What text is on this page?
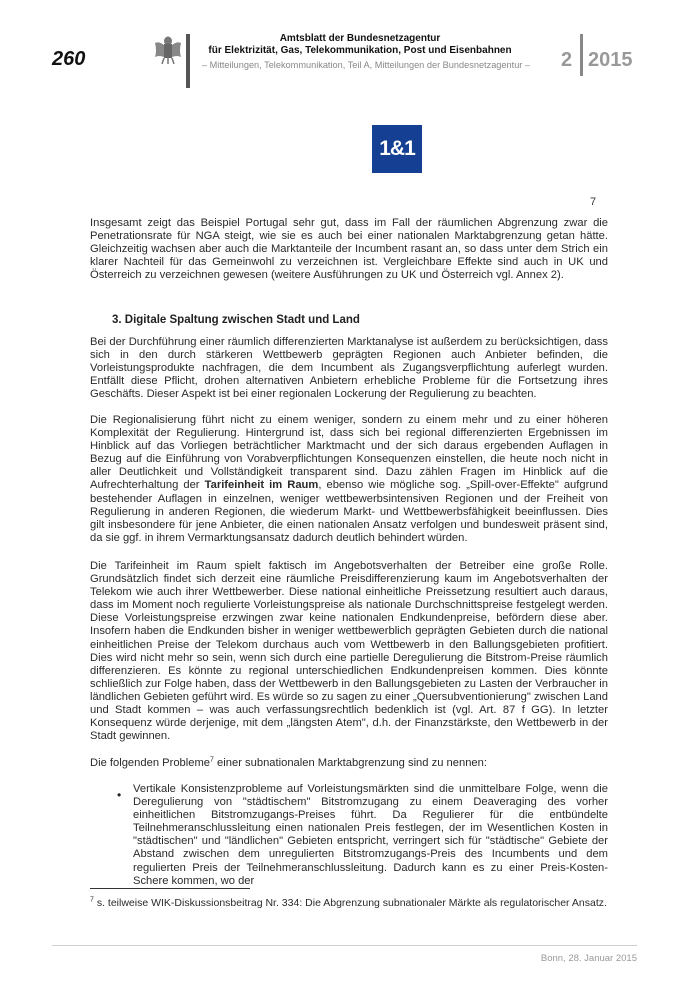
260
Amtsblatt der Bundesnetzagentur
für Elektrizität, Gas, Telekommunikation, Post und Eisenbahnen
– Mitteilungen, Telekommunikation, Teil A, Mitteilungen der Bundesnetzagentur – 2 2015
1&1
7
Insgesamt zeigt das Beispiel Portugal sehr gut, dass im Fall der räumlichen Abgrenzung zwar die Penetrationsrate für NGA steigt, wie sie es auch bei einer nationalen Marktabgrenzung getan hätte. Gleichzeitig wachsen aber auch die Marktanteile der Incumbent rasant an, so dass unter dem Strich ein klarer Nachteil für das Gemeinwohl zu verzeichnen ist. Vergleichbare Effekte sind auch in UK und Österreich zu verzeichnen gewesen (weitere Ausführungen zu UK und Österreich vgl. Annex 2).
3. Digitale Spaltung zwischen Stadt und Land
Bei der Durchführung einer räumlich differenzierten Marktanalyse ist außerdem zu berücksichtigen, dass sich in den durch stärkeren Wettbewerb geprägten Regionen auch Anbieter befinden, die Vorleistungsprodukte nachfragen, die dem Incumbent als Zugangsverpflichtung auferlegt wurden. Entfällt diese Pflicht, drohen alternativen Anbietern erhebliche Probleme für die Fortsetzung ihres Geschäfts. Dieser Aspekt ist bei einer regionalen Lockerung der Regulierung zu beachten.
Die Regionalisierung führt nicht zu einem weniger, sondern zu einem mehr und zu einer höheren Komplexität der Regulierung. Hintergrund ist, dass sich bei regional differenzierten Ergebnissen im Hinblick auf das Vorliegen beträchtlicher Marktmacht und der sich daraus ergebenden Auflagen in Bezug auf die Einführung von Vorabverpflichtungen Konsequenzen einstellen, die heute noch nicht in aller Deutlichkeit und Vollständigkeit transparent sind. Dazu zählen Fragen im Hinblick auf die Aufrechterhaltung der Tarifeinheit im Raum, ebenso wie mögliche sog. „Spill-over-Effekte" aufgrund bestehender Auflagen in einzelnen, weniger wettbewerbsintensiven Regionen und der Freiheit von Regulierung in anderen Regionen, die wiederum Markt- und Wettbewerbsfähigkeit beeinflussen. Dies gilt insbesondere für jene Anbieter, die einen nationalen Ansatz verfolgen und bundesweit präsent sind, da sie ggf. in ihrem Vermarktungsansatz dadurch deutlich behindert würden.
Die Tarifeinheit im Raum spielt faktisch im Angebotsverhalten der Betreiber eine große Rolle. Grundsätzlich findet sich derzeit eine räumliche Preisdifferenzierung kaum im Angebotsverhalten der Telekom wie auch ihrer Wettbewerber. Diese national einheitliche Preissetzung resultiert auch daraus, dass im Moment noch regulierte Vorleistungspreise als nationale Durchschnittspreise festgelegt werden. Diese Vorleistungspreise erzwingen zwar keine nationalen Endkundenpreise, befördern diese aber. Insofern haben die Endkunden bisher in weniger wettbewerblich geprägten Gebieten durch die national einheitlichen Preise der Telekom durchaus auch vom Wettbewerb in den Ballungsgebieten profitiert. Dies wird nicht mehr so sein, wenn sich durch eine partielle Deregulierung die Bitstrom-Preise räumlich differenzieren. Es könnte zu regional unterschiedlichen Endkundenpreisen kommen. Dies könnte schließlich zur Folge haben, dass der Wettbewerb in den Ballungsgebieten zu Lasten der Verbraucher in ländlichen Gebieten geführt wird. Es würde so zu sagen zu einer „Quersubventionierung" zwischen Land und Stadt kommen – was auch verfassungsrechtlich bedenklich ist (vgl. Art. 87 f GG). In letzter Konsequenz würde derjenige, mit dem „längsten Atem", d.h. der Finanzstärkste, den Wettbewerb in der Stadt gewinnen.
Die folgenden Probleme$^7$ einer subnationalen Marktabgrenzung sind zu nennen:
• Vertikale Konsistenzprobleme auf Vorleistungsmärkten sind die unmittelbare Folge, wenn die Deregulierung von "städtischem" Bitstromzugang zu einem Deaveraging des vorher einheitlichen Bitstromzugangs-Preises führt. Da Regulierer für die entbündelte Teilnehmeranschlussleitung einen nationalen Preis festlegen, der im Wesentlichen Kosten in "städtischen" und "ländlichen" Gebieten entspricht, verringert sich für "städtische" Gebiete der Abstand zwischen dem unregulierten Bitstromzugangs-Preis des Incumbents und dem regulierten Preis der Teilnehmeranschlussleitung. Dadurch kann es zu einer Preis-Kosten-Schere kommen, wo der
$^7$ s. teilweise WIK-Diskussionsbeitrag Nr. 334: Die Abgrenzung subnationaler Märkte als regulatorischer Ansatz.
Bonn, 28. Januar 2015
